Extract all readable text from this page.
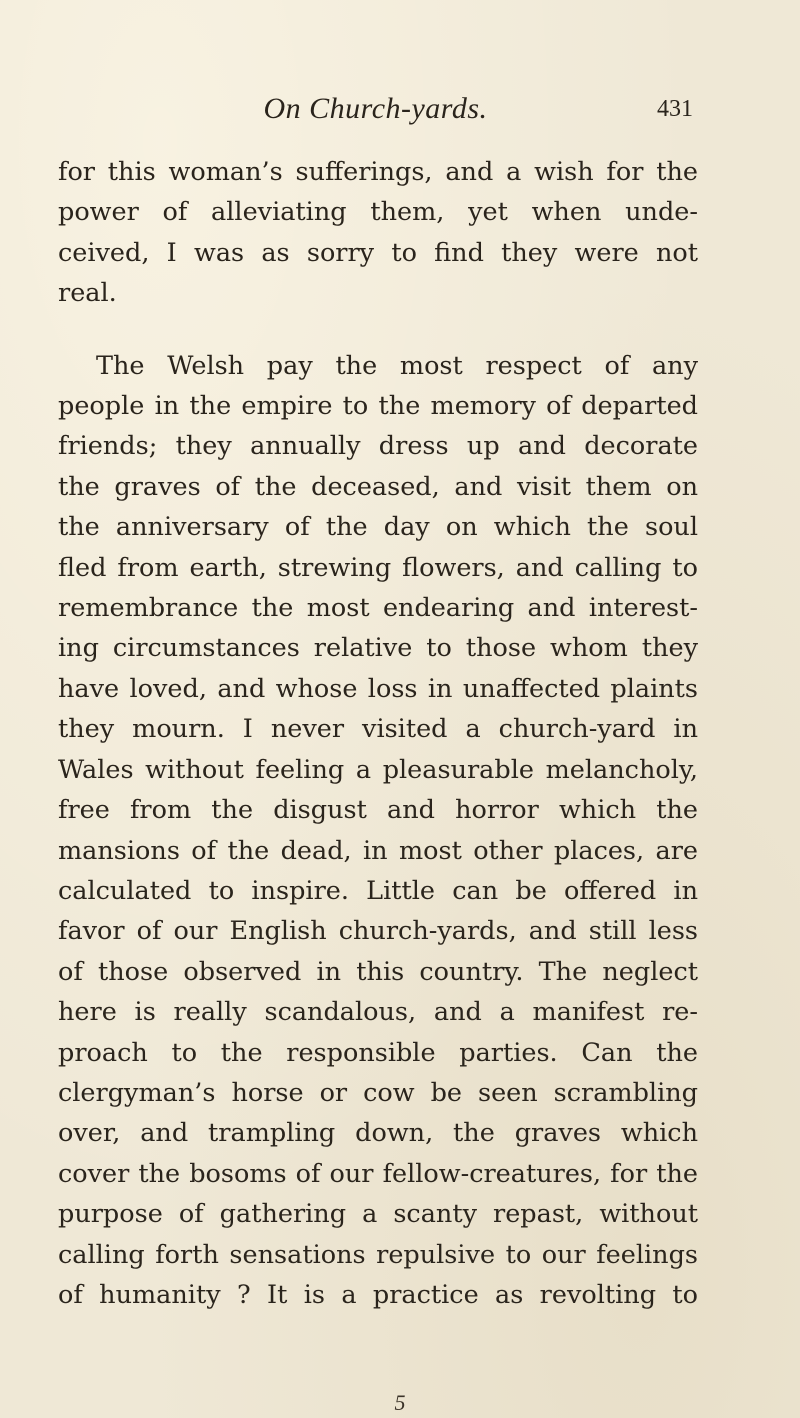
On Church-yards.	431
for this woman’s sufferings, and a wish for the
power of alleviating them, yet when unde-
ceived, I was as sorry to find they were not
real.
The Welsh pay the most respect of any
people in the empire to the memory of departed
friends; they annually dress up and decorate
the graves of the deceased, and visit them on
the anniversary of the day on which the soul
fled from earth, strewing flowers, and calling to
remembrance the most endearing and interest-
ing circumstances relative to those whom they
have loved, and whose loss in unaffected plaints
they mourn. I never visited a church-yard in
Wales without feeling a pleasurable melancholy,
free from the disgust and horror which the
mansions of the dead, in most other places, are
calculated to inspire. Little can be offered in
favor of our English church-yards, and still less
of those observed in this country. The neglect
here is really scandalous, and a manifest re-
proach to the responsible parties. Can the
clergyman’s horse or cow be seen scrambling
over, and trampling down, the graves which
cover the bosoms of our fellow-creatures, for the
purpose of gathering a scanty repast, without
calling forth sensations repulsive to our feelings
of humanity ? It is a practice as revolting to
5
